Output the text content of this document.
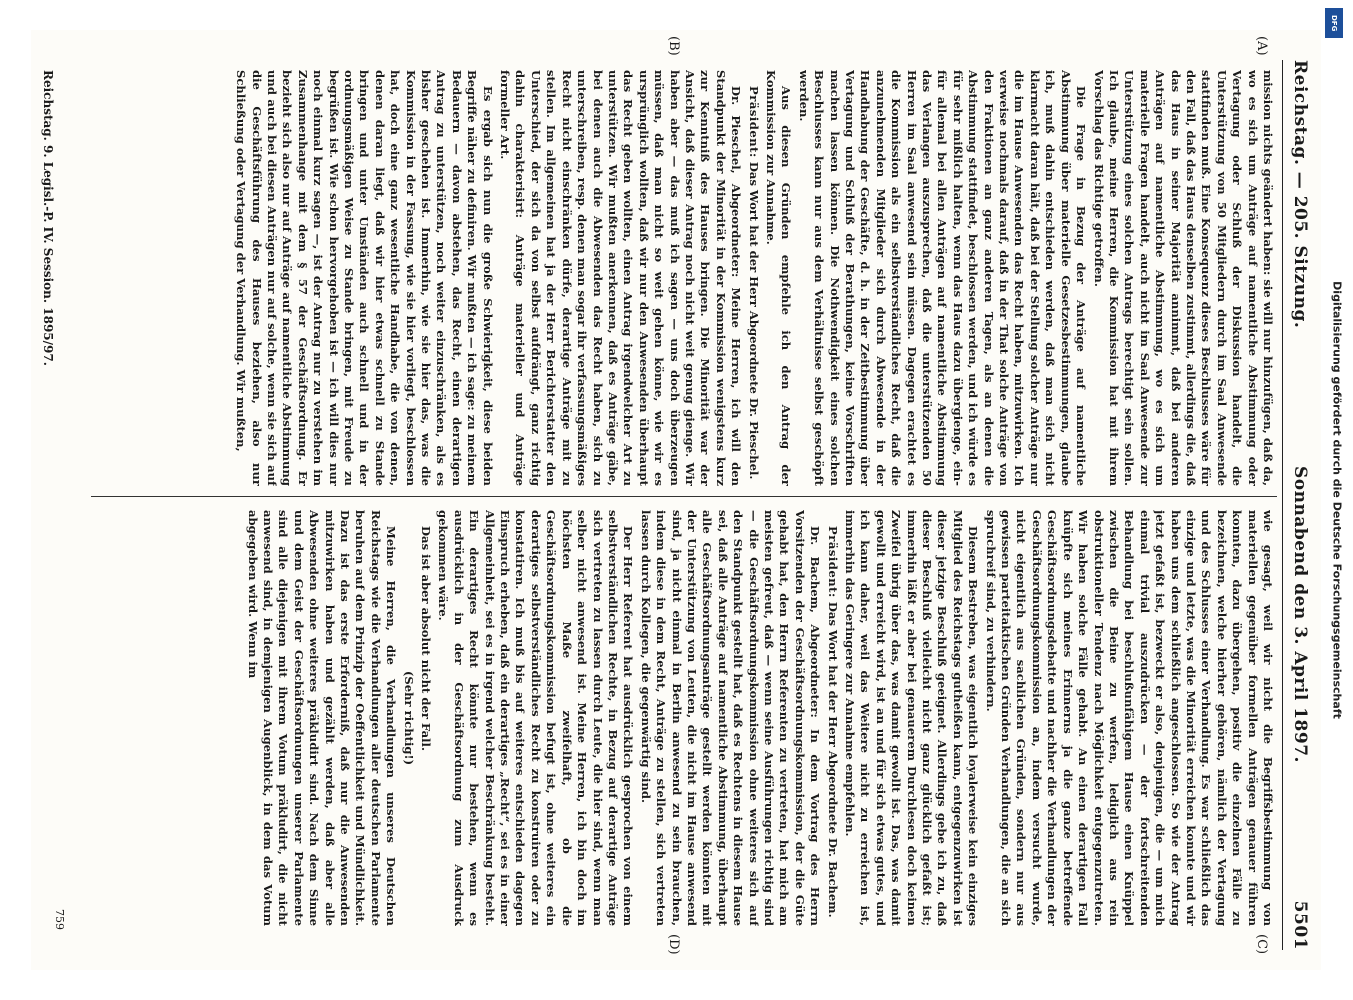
Reichstag. — 205. Sitzung.
Sonnabend den 3. April 1897.
5501
(A)
(B)
(C)
(D)

mission nichts geändert haben: sie will nur hinzufügen, daß da, wo es sich um Anträge auf namentliche Abstimmung oder Vertagung oder Schluß der Diskussion handelt, die Unterstützung von 50 Mitgliedern durch im Saal Anwesende stattfinden muß. Eine Konsequenz dieses Beschlusses wäre für den Fall, daß das Haus denselben zustimmt, allerdings die, daß das Haus in seiner Majorität annimmt, daß bei anderen Anträgen auf namentliche Abstimmung, wo es sich um materielle Fragen handelt, auch nicht im Saal Anwesende zur Unterstützung eines solchen Antrags berechtigt sein sollen. Ich glaube, meine Herren, die Kommission hat mit ihrem Vorschlag das Richtige getroffen.

Die Frage in Bezug der Anträge auf namentliche Abstimmung über materielle Gesetzesbestimmungen, glaube ich, muß dahin entschieden werden, daß man sich nicht klarmacht daran hält, daß bei der Stellung solcher Anträge nur die im Hause Anwesenden das Recht haben, mitzuwirken. Ich verweise nochmals darauf, daß in der That solche Anträge von den Fraktionen an ganz anderen Tagen, als an denen die Abstimmung stattfindet, beschlossen werden, und ich würde es für sehr mißlich halten, wenn das Haus dazu übergienge, ein- für allemal bei allen Anträgen auf namentliche Abstimmung das Verlangen auszusprechen, daß die unterstützenden 50 Herren im Saal anwesend sein müssen. Dagegen erachtet es die Kommission als ein selbstverständliches Recht, daß die anzunehmenden Mitglieder sich durch Abwesende in der Handhabung der Geschäfte, d. h. in der Zeitbestimmung über Vertagung und Schluß der Berathungen, keine Vorschriften machen lassen können. Die Nothwendigkeit eines solchen Beschlusses kann nur aus dem Verhältnisse selbst geschöpft werden.

Aus diesen Gründen empfehle ich den Antrag der Kommission zur Annahme.

Präsident: Das Wort hat der Herr Abgeordnete Dr. Pieschel.

Dr. Pieschel, Abgeordneter: Meine Herren, ich will den Standpunkt der Minorität in der Kommission wenigstens kurz zur Kenntniß des Hauses bringen. Die Minorität war der Ansicht, daß dieser Antrag noch nicht weit genug gienge. Wir haben aber — das muß ich sagen — uns doch überzeugen müssen, daß man nicht so weit gehen könne, wie wir es ursprünglich wollten, daß wir nur den Anwesenden überhaupt das Recht geben wollten, einen Antrag irgendwelcher Art zu unterstützen. Wir mußten anerkennen, daß es Anträge gäbe, bei denen auch die Abwesenden das Recht haben, sich zu unterschreiben, resp. denen man sogar ihr verfassungsmäßiges Recht nicht einschränken dürfe, derartige Anträge mit zu stellen. Im allgemeinen hat ja der Herr Berichterstatter den Unterschied, der sich da von selbst aufdrängt, ganz richtig dahin charakterisirt: Anträge materieller und Anträge formeller Art.

Es ergab sich nun die große Schwierigkeit, diese beiden Begriffe näher zu definiren. Wir mußten — ich sage: zu meinem Bedauern — davon abstehen, das Recht, einen derartigen Antrag zu unterstützen, noch weiter einzuschränken, als es bisher geschehen ist. Immerhin, wie sie hier das, was die Kommission in der Fassung, wie sie hier vorliegt, beschlossen hat, doch eine ganz wesentliche Handhabe, die von denen, denen daran liegt, daß wir hier etwas schnell zu Stande bringen und unter Umständen auch schnell und in der ordnungsmäßigen Weise zu Stande bringen, mit Freude zu begrüßen ist. Wie schon hervorgehoben ist — ich will dies nur noch einmal kurz sagen —, ist der Antrag nur zu verstehen im Zusammenhange mit dem § 57 der Geschäftsordnung. Er bezieht sich also nur auf Anträge auf namentliche Abstimmung und auch bei diesen Anträgen nur auf solche, wenn sie sich auf die Geschäftsführung des Hauses beziehen, also nur Schließung oder Vertagung der Verhandlung. Wir mußten,

wie gesagt, weil wir nicht die Begriffsbestimmung von materiellen gegenüber formellen Anträgen genauer führen konnten, dazu übergehen, positiv die einzelnen Fälle zu bezeichnen, welche hierher gehören, nämlich der Vertagung und des Schlusses einer Verhandlung. Es war schließlich das einzige und letzte, was die Minorität erreichen konnte und wir haben uns dem schließlich angeschlossen. So wie der Antrag jetzt gefaßt ist, bezweckt er also, denjenigen, die — um mich einmal trivial auszudrücken — der fortschreitenden Behandlung bei beschlußunfähigem Hause einen Knüppel zwischen die Beine zu werfen, lediglich aus rein obstruktioneller Tendenz nach Möglichkeit entgegenzutreten. Wir haben solche Fälle gehabt. An einen derartigen Fall knüpfte sich meines Erinnerns ja die ganze betreffende Geschäftsordnungsdebatte und nachher die Verhandlungen der Geschäftsordnungskommission an, indem versucht wurde, nicht eigentlich aus sachlichen Gründen, sondern nur aus gewissen parteitaktischen Gründen Verhandlungen, die an sich spruchreif sind, zu verhindern.

Diesem Bestreben, was eigentlich loyalerweise kein einziges Mitglied des Reichstags gutheißen kann, entgegenzuwirken ist dieser jetzige Beschluß geeignet. Allerdings gebe ich zu, daß dieser Beschluß vielleicht nicht ganz glücklich gefaßt ist; immerhin läßt er aber bei genauerem Durchlesen doch keinen Zweifel übrig über das, was damit gewollt ist. Das, was damit gewollt und erreicht wird, ist an und für sich etwas gutes, und ich kann daher, weil das Weitere nicht zu erreichen ist, immerhin das Geringere zur Annahme empfehlen.

Präsident: Das Wort hat der Herr Abgeordnete Dr. Bachem.

Dr. Bachem, Abgeordneter: In dem Vortrag des Herrn Vorsitzenden der Geschäftsordnungskommission, der die Güte gehabt hat, den Herrn Referenten zu vertreten, hat mich am meisten gefreut, daß — wenn seine Ausführungen richtig sind — die Geschäftsordnungskommission ohne weiteres sich auf den Standpunkt gestellt hat, daß es Rechtens in diesem Hause sei, daß alle Anträge auf namentliche Abstimmung, überhaupt alle Geschäftsordnungsanträge gestellt werden könnten mit der Unterstützung von Leuten, die nicht im Hause anwesend sind, ja nicht einmal in Berlin anwesend zu sein brauchen, indem diese in dem Recht, Anträge zu stellen, sich vertreten lassen durch Kollegen, die gegenwärtig sind.

Der Herr Referent hat ausdrücklich gesprochen von einem selbstverständlichen Rechte, in Bezug auf derartige Anträge sich vertreten zu lassen durch Leute, die hier sind, wenn man selber nicht anwesend ist. Meine Herren, ich bin doch im höchsten Maße zweifelhaft, ob die Geschäftsordnungskommission befugt ist, ohne weiteres ein derartiges selbstverständliches Recht zu konstruiren oder zu konstatiren. Ich muß bis auf weiteres entschieden dagegen Einspruch erheben, daß ein derartiges „Recht“, sei es in einer Allgemeinheit, sei es in irgend welcher Beschränkung besteht. Ein derartiges Recht könnte nur bestehen, wenn es ausdrücklich in der Geschäftsordnung zum Ausdruck gekommen wäre.

Das ist aber absolut nicht der Fall.

(Sehr richtig!)

Meine Herren, die Verhandlungen unseres Deutschen Reichstags wie die Verhandlungen aller deutschen Parlamente beruhen auf dem Prinzip der Oeffentlichkeit und Mündlichkeit. Dazu ist das erste Erforderniß, daß nur die Anwesenden mitzuwirken haben und gezählt werden, daß aber alle Abwesenden ohne weiteres präkludirt sind. Nach dem Sinne und dem Geist der Geschäftsordnungen unserer Parlamente sind alle diejenigen mit ihrem Votum präkludirt, die nicht anwesend sind, in demjenigen Augenblick, in dem das Votum abgegeben wird. Wenn im

Reichstag. 9. Legisl.-P. IV. Session. 1895/97.
759
DFG
Digitalisierung gefördert durch die Deutsche Forschungsgemeinschaft
